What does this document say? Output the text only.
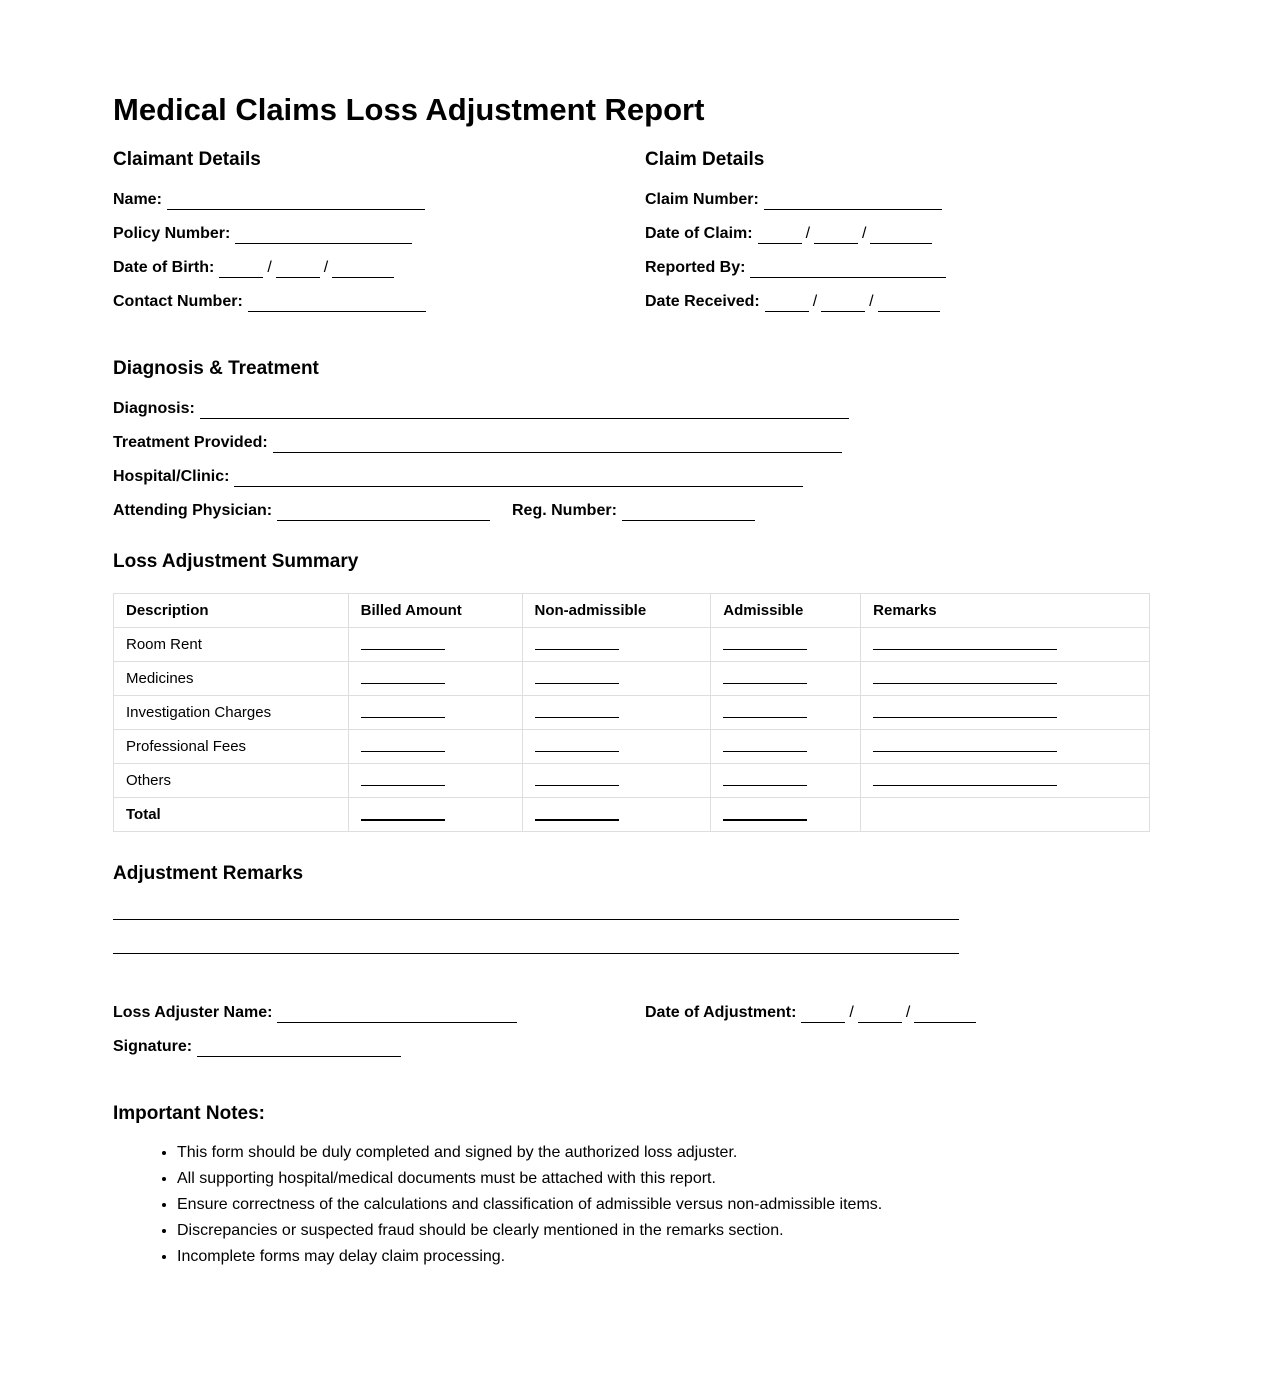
Medical Claims Loss Adjustment Report
Claimant Details
Name:
Policy Number:
Date of Birth:	/	/
Contact Number:
Claim Details
Claim Number:
Date of Claim:	/	/
Reported By:
Date Received:	/	/
Diagnosis & Treatment
Diagnosis:
Treatment Provided:
Hospital/Clinic:
Attending Physician:	Reg. Number:
Loss Adjustment Summary
Description	Billed Amount	Non-admissible	Admissible	Remarks
Room Rent				
Medicines				
Investigation Charges				
Professional Fees				
Others				
Total				
Adjustment Remarks
Loss Adjuster Name:	Date of Adjustment:	/	/
Signature:
Important Notes:
• This form should be duly completed and signed by the authorized loss adjuster.
• All supporting hospital/medical documents must be attached with this report.
• Ensure correctness of the calculations and classification of admissible versus non-admissible items.
• Discrepancies or suspected fraud should be clearly mentioned in the remarks section.
• Incomplete forms may delay claim processing.
